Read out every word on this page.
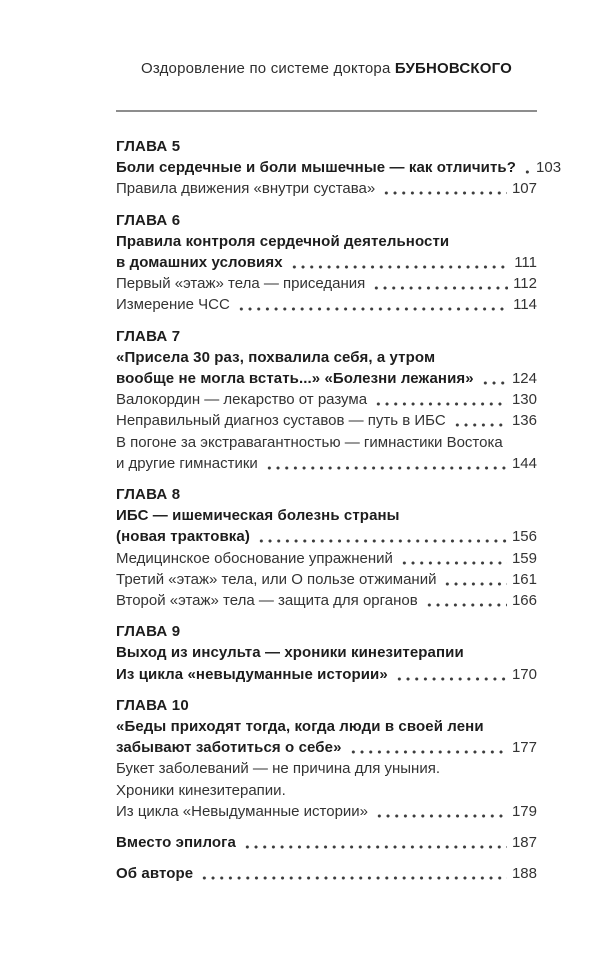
Оздоровление по системе доктора БУБНОВСКОГО
ГЛАВА 5
Боли сердечные и боли мышечные — как отличить? 103
Правила движения «внутри сустава»	107
ГЛАВА 6
Правила контроля сердечной деятельности
в домашних условиях	111
Первый «этаж» тела — приседания	112
Измерение ЧСС	114
ГЛАВА 7
«Присела 30 раз, похвалила себя, а утром
вообще не могла встать...» «Болезни лежания»	124
Валокордин — лекарство от разума	130
Неправильный диагноз суставов — путь в ИБС	136
В погоне за экстравагантностью — гимнастики Востока
и другие гимнастики	144
ГЛАВА 8
ИБС — ишемическая болезнь страны
(новая трактовка)	156
Медицинское обоснование упражнений	159
Третий «этаж» тела, или О пользе отжиманий	161
Второй «этаж» тела — защита для органов	166
ГЛАВА 9
Выход из инсульта — хроники кинезитерапии
Из цикла «невыдуманные истории»	170
ГЛАВА 10
«Беды приходят тогда, когда люди в своей лени
забывают заботиться о себе»	177
Букет заболеваний — не причина для уныния.
Хроники кинезитерапии.
Из цикла «Невыдуманные истории»	179
Вместо эпилога	187
Об авторе	188
